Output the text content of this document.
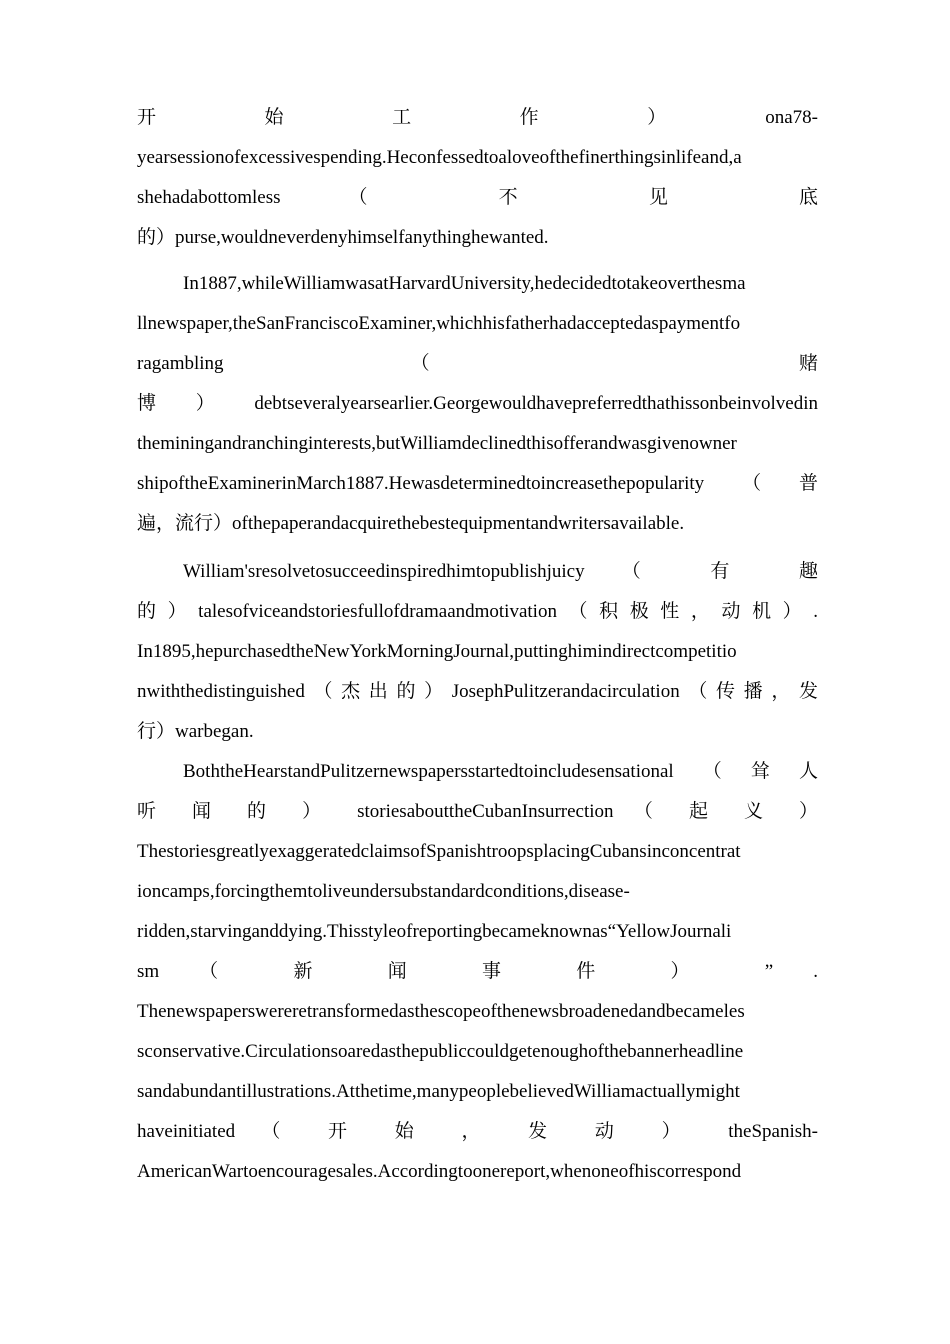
开　　　　始　　　　工　　　　作　　　　）　　　　ona78-
yearsessionofexcessivespending.Heconfessedtoaloveofthefinerthingsinlifeand,a
shehadabottomless （ 不 见 底
的）purse,wouldneverdenyhimselfanythinghewanted.
In1887,whileWilliamwasatHarvardUniversity,hedecidedtotakeoverthesma
llnewspaper,theSanFranciscoExaminer,whichhisfatherhadacceptedaspaymentfo
ragambling （ 赌
博）debtseveralyearsearlier.Georgewouldhavepreferredthathissonbeinvolvedin
theminingandranchinginterests,butWilliamdeclinedthisofferandwasgivenowner
shipoftheExaminerinMarch1887.Hewasdeterminedtoincreasethepopularity（普
遍，流行）ofthepaperandacquirethebestequipmentandwritersavailable.
William'sresolvetosucceedinspiredhimtopublishjuicy （ 有 趣
的）talesofviceandstoriesfullofdramaandmotivation（积极性，动机）.
In1895,hepurchasedtheNewYorkMorningJournal,puttinghimindirectcompetitio
nwiththedistinguished（杰出的）JosephPulitzerandacirculation（传播，发
行）warbegan.
BoththeHearstandPulitzernewspapersstartedtoincludesensational（耸人
听 闻 的 ） storiesabouttheCubanInsurrection （ 起 义 ）
ThestoriesgreatlyexaggeratedclaimsofSpanishtroopsplacingCubansinconcentrat
ioncamps,forcingthemtoliveundersubstandardconditions,disease-
ridden,starvinganddying.Thisstyleofreportingbecameknownas“YellowJournali
sm （ 新 闻 事 件 ） ” .
Thenewspaperswereretransformedasthescopeofthenewsbroadenedandbecameles
sconservative.Circulationsoaredasthepubliccouldgetenoughofthebannerheadline
sandabundantillustrations.Atthetime,manypeoplebelievedWilliamactuallymight
haveinitiated （ 开 始 ， 发 动 ） theSpanish-
AmericanWartoencouragesales.Accordingtoonereport,whenoneofhiscorrespond
